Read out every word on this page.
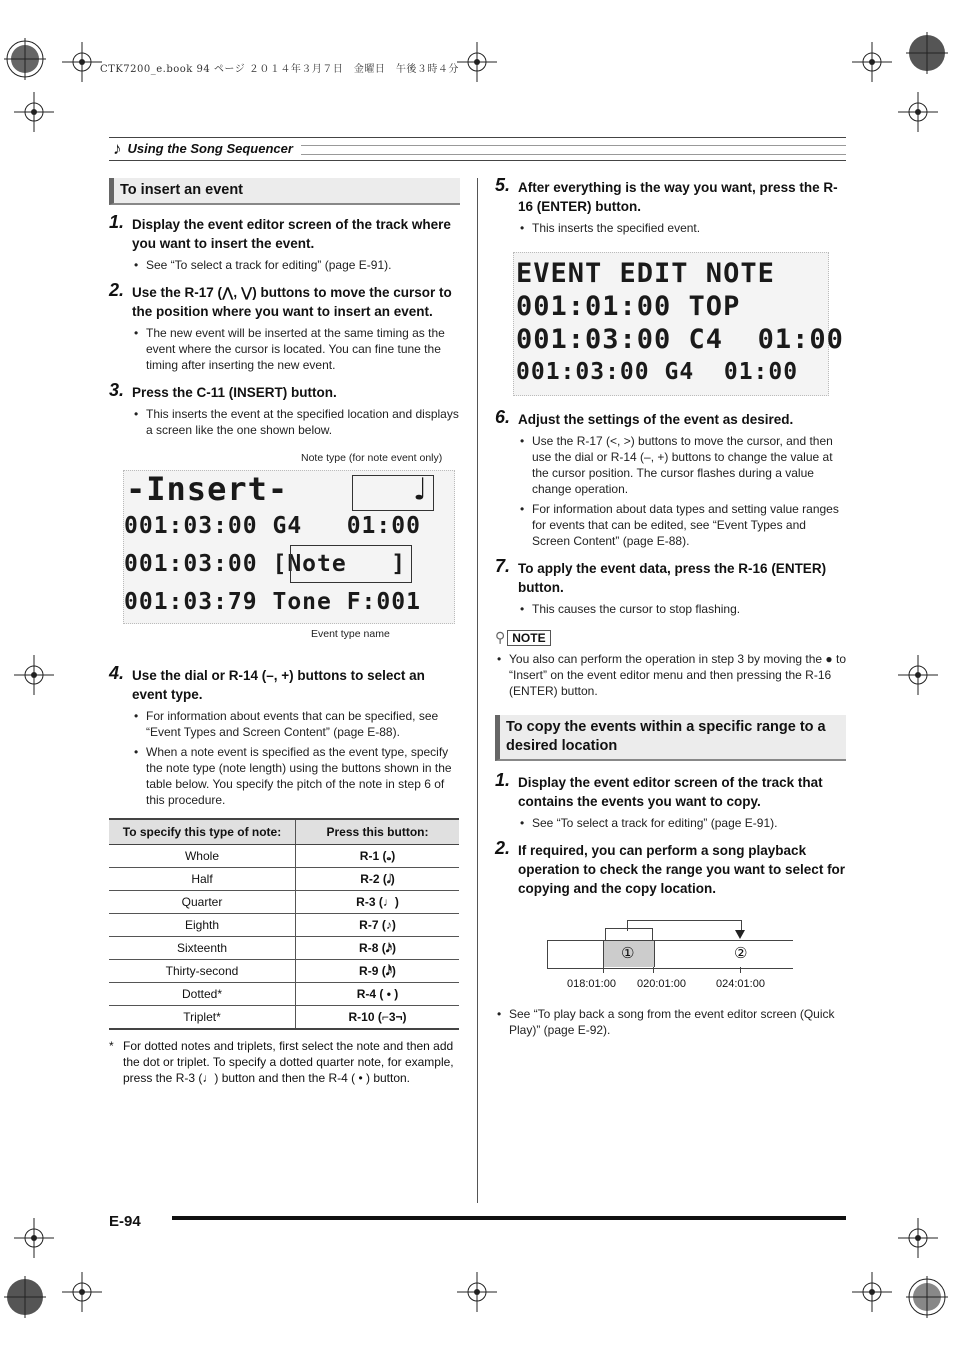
CTK7200_e.book 94 ページ ２０１４年３月７日　金曜日　午後３時４分
♪ Using the Song Sequencer
To insert an event
1. Display the event editor screen of the track where you want to insert the event.
• See “To select a track for editing” (page E-91).
2. Use the R-17 (⋀, ⋁) buttons to move the cursor to the position where you want to insert an event.
• The new event will be inserted at the same timing as the event where the cursor is located. You can fine tune the timing after inserting the new event.
3. Press the C-11 (INSERT) button.
• This inserts the event at the specified location and displays a screen like the one shown below.
Note type (for note event only)
-Insert-      ♩
001:03:00 G4   01:00
001:03:00 [Note   ]
001:03:79 Tone F:001
Event type name
4. Use the dial or R-14 (–, +) buttons to select an event type.
• For information about events that can be specified, see “Event Types and Screen Content” (page E-88).
• When a note event is specified as the event type, specify the note type (note length) using the buttons shown in the table below. You specify the pitch of the note in step 6 of this procedure.
To specify this type of note:	Press this button:
Whole	R-1 (𝅝)
Half	R-2 (𝅗𝅥)
Quarter	R-3 (♩)
Eighth	R-7 (♪)
Sixteenth	R-8 (𝅘𝅥𝅯)
Thirty-second	R-9 (𝅘𝅥𝅰)
Dotted*	R-4 ( • )
Triplet*	R-10 (⌐3¬)
* For dotted notes and triplets, first select the note and then add the dot or triplet. To specify a dotted quarter note, for example, press the R-3 (♩) button and then the R-4 ( • ) button.
5. After everything is the way you want, press the R-16 (ENTER) button.
• This inserts the specified event.
EVENT EDIT NOTE
001:01:00 TOP
001:03:00 C4  01:00
001:03:00 G4  01:00
6. Adjust the settings of the event as desired.
• Use the R-17 (<, >) buttons to move the cursor, and then use the dial or R-14 (–, +) buttons to change the value at the cursor position. The cursor flashes during a value change operation.
• For information about data types and setting value ranges for events that can be edited, see “Event Types and Screen Content” (page E-88).
7. To apply the event data, press the R-16 (ENTER) button.
• This causes the cursor to stop flashing.
⚲ NOTE
• You also can perform the operation in step 3 by moving the ● to “Insert” on the event editor menu and then pressing the R-16 (ENTER) button.
To copy the events within a specific range to a desired location
1. Display the event editor screen of the track that contains the events you want to copy.
• See “To select a track for editing” (page E-91).
2. If required, you can perform a song playback operation to check the range you want to select for copying and the copy location.
①	②
018:01:00 020:01:00	024:01:00
• See “To play back a song from the event editor screen (Quick Play)” (page E-92).
E-94
